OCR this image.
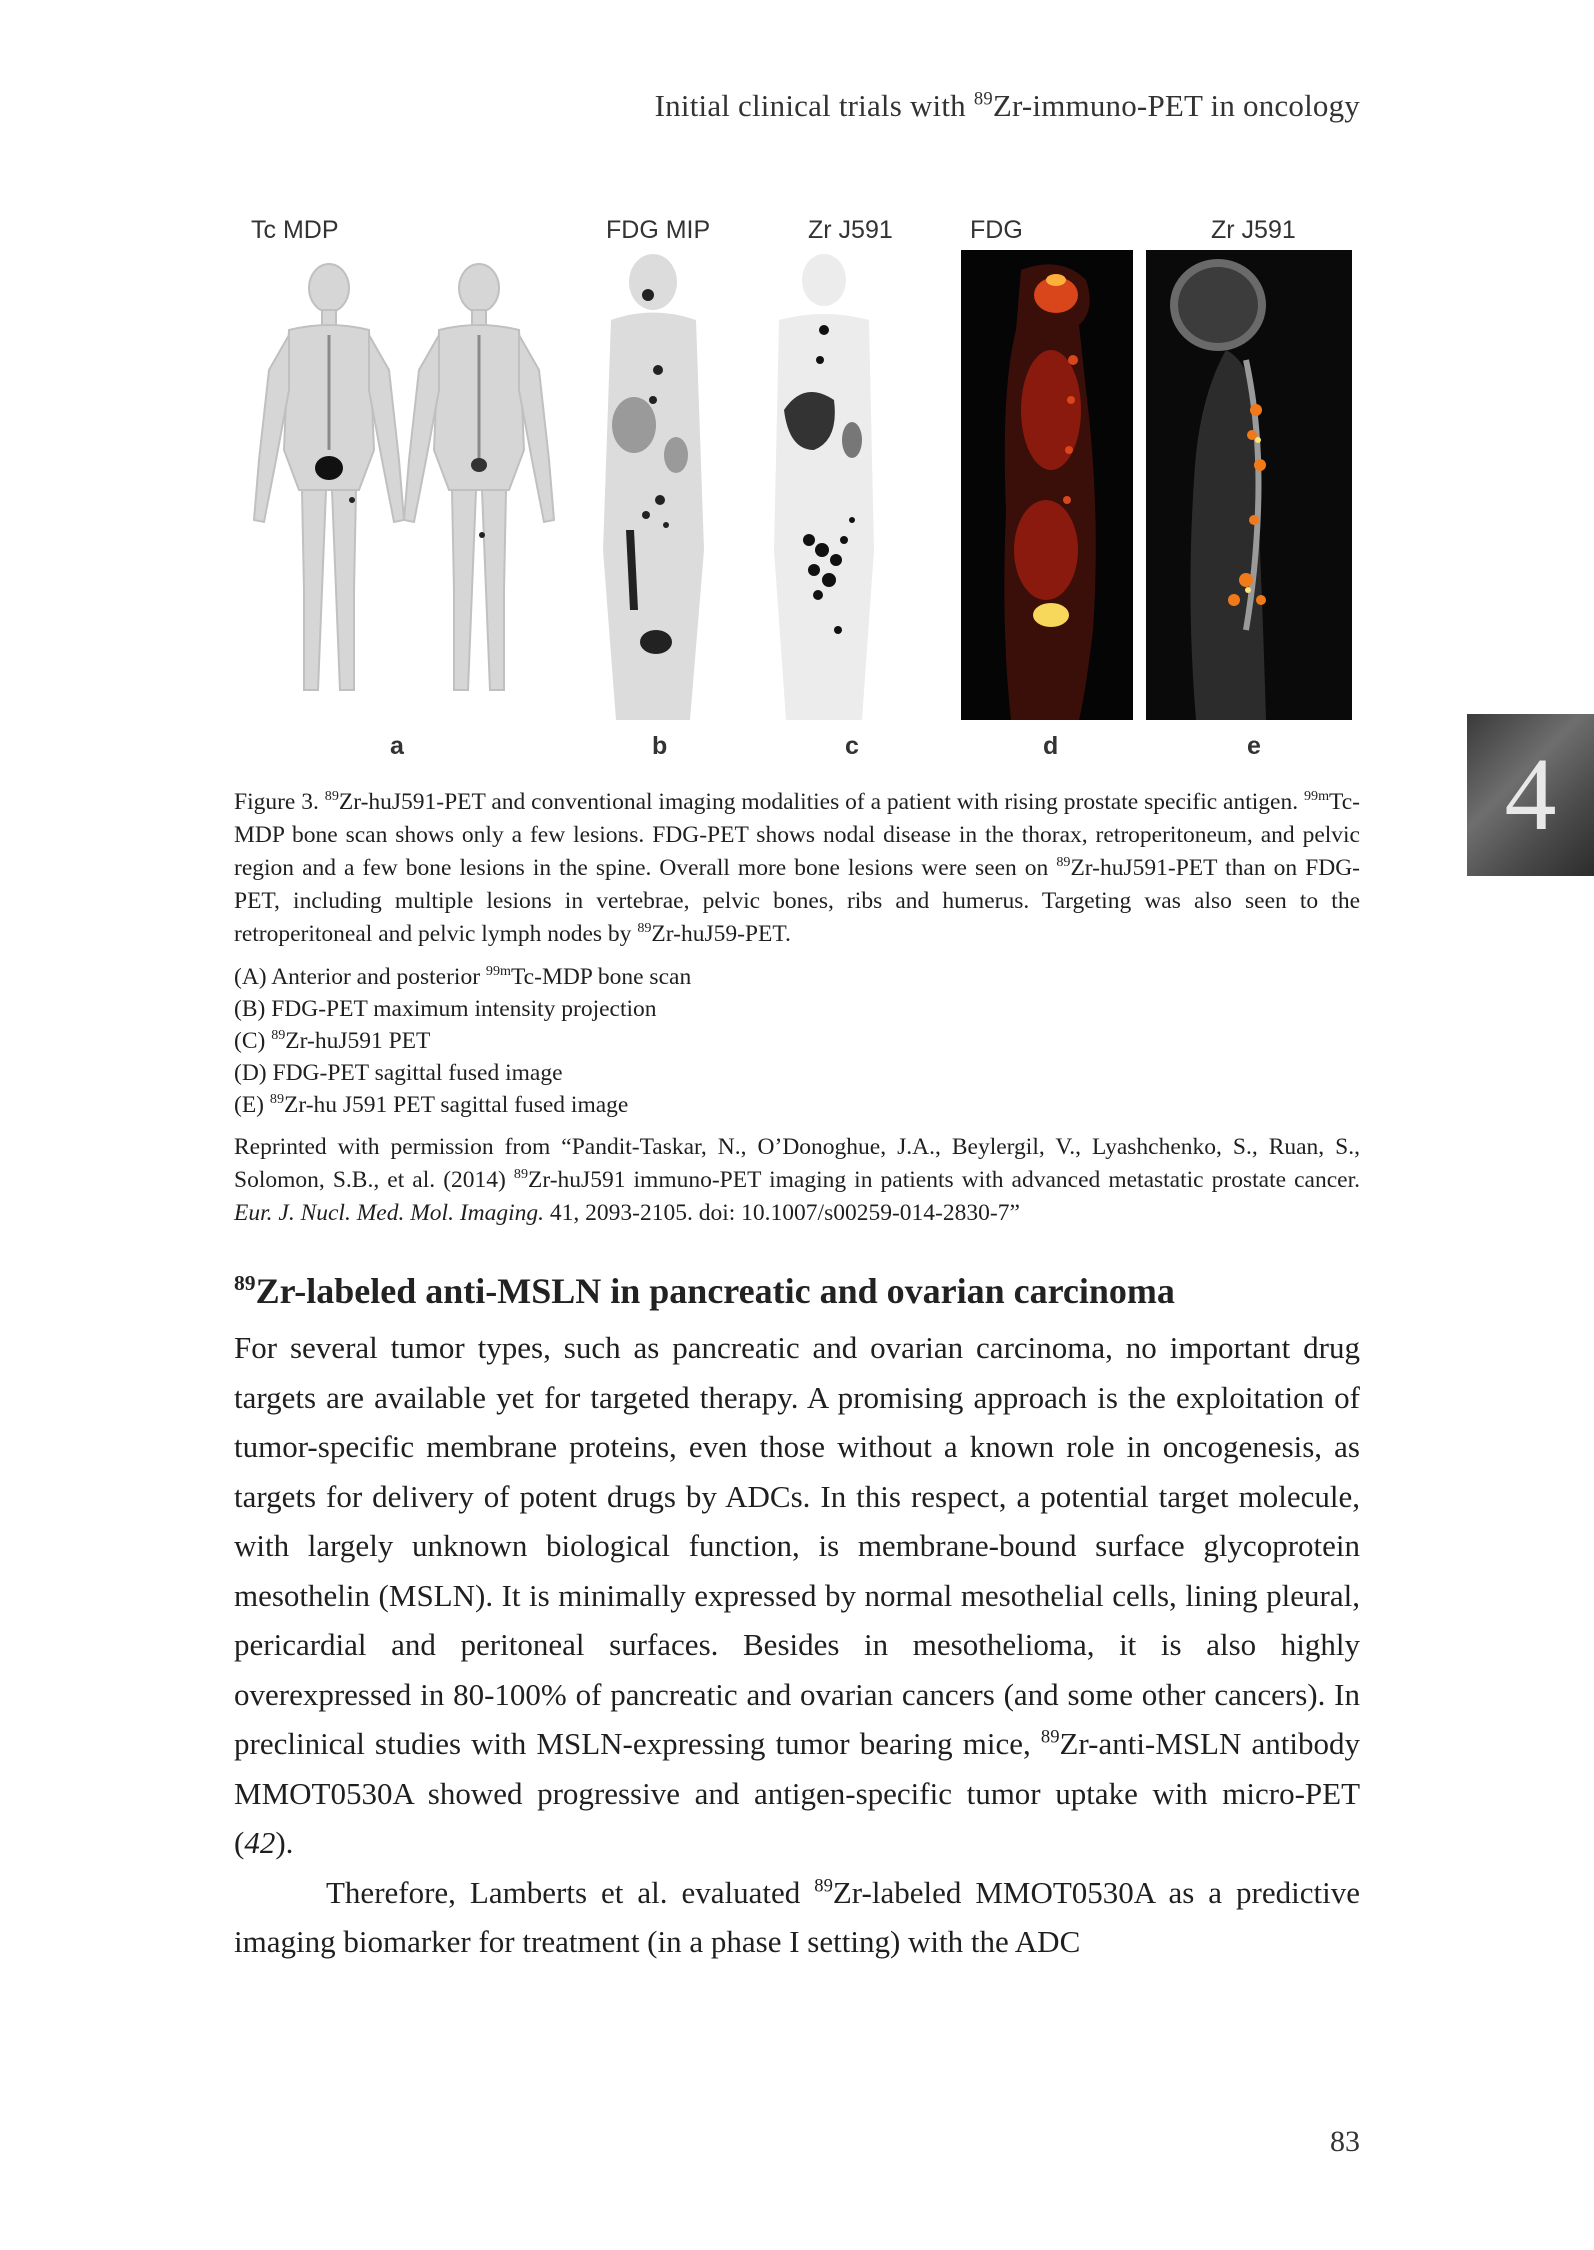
Initial clinical trials with $^{89}$Zr-immuno-PET in oncology
Tc MDP	FDG MIP	Zr J591	FDG	Zr J591
a	b	c	d	e	4

Figure 3. $^{89}$Zr-huJ591-PET and conventional imaging modalities of a patient with rising prostate specific antigen. $^{99m}$Tc-MDP bone scan shows only a few lesions. FDG-PET shows nodal disease in the thorax, retroperitoneum, and pelvic region and a few bone lesions in the spine. Overall more bone lesions were seen on $^{89}$Zr-huJ591-PET than on FDG-PET, including multiple lesions in vertebrae, pelvic bones, ribs and humerus. Targeting was also seen to the retroperitoneal and pelvic lymph nodes by $^{89}$Zr-huJ59-PET.

(A) Anterior and posterior $^{99m}$Tc-MDP bone scan
(B) FDG-PET maximum intensity projection
(C) $^{89}$Zr-huJ591 PET
(D) FDG-PET sagittal fused image
(E) $^{89}$Zr-hu J591 PET sagittal fused image

Reprinted with permission from “Pandit-Taskar, N., O’Donoghue, J.A., Beylergil, V., Lyashchenko, S., Ruan, S., Solomon, S.B., et al. (2014) $^{89}$Zr-huJ591 immuno-PET imaging in patients with advanced metastatic prostate cancer. Eur. J. Nucl. Med. Mol. Imaging. 41, 2093-2105. doi: 10.1007/s00259-014-2830-7”

$^{89}$Zr-labeled anti-MSLN in pancreatic and ovarian carcinoma

For several tumor types, such as pancreatic and ovarian carcinoma, no important drug targets are available yet for targeted therapy. A promising approach is the exploitation of tumor-specific membrane proteins, even those without a known role in oncogenesis, as targets for delivery of potent drugs by ADCs. In this respect, a potential target molecule, with largely unknown biological function, is membrane-bound surface glycoprotein mesothelin (MSLN). It is minimally expressed by normal mesothelial cells, lining pleural, pericardial and peritoneal surfaces. Besides in mesothelioma, it is also highly overexpressed in 80-100% of pancreatic and ovarian cancers (and some other cancers). In preclinical studies with MSLN-expressing tumor bearing mice, $^{89}$Zr-anti-MSLN antibody MMOT0530A showed progressive and antigen-specific tumor uptake with micro-PET (42).

Therefore, Lamberts et al. evaluated $^{89}$Zr-labeled MMOT0530A as a predictive imaging biomarker for treatment (in a phase I setting) with the ADC

83
